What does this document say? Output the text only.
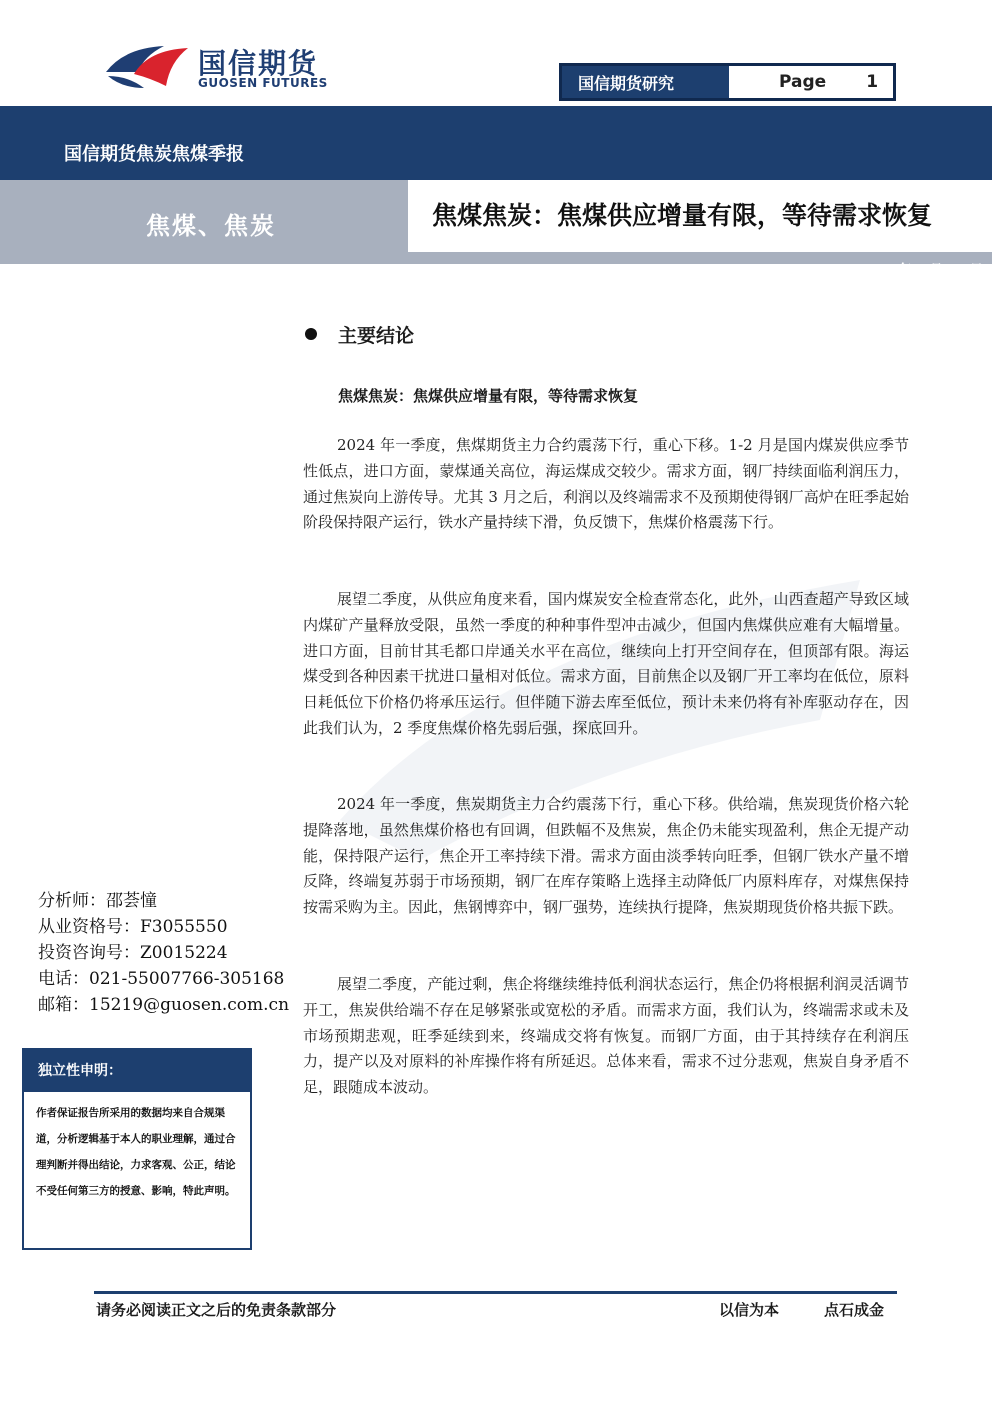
国信期货
GUOSEN FUTURES	国信期货研究	Page 1
国信期货焦炭焦煤季报
焦煤、焦炭	焦煤焦炭：焦煤供应增量有限，等待需求恢复
2023 年 3 月 24 日
主要结论
焦煤焦炭：焦煤供应增量有限，等待需求恢复
2024 年一季度，焦煤期货主力合约震荡下行，重心下移。1-2 月是国内煤炭供应季节性低点，进口方面，蒙煤通关高位，海运煤成交较少。需求方面，钢厂持续面临利润压力，通过焦炭向上游传导。尤其 3 月之后，利润以及终端需求不及预期使得钢厂高炉在旺季起始阶段保持限产运行，铁水产量持续下滑，负反馈下，焦煤价格震荡下行。
展望二季度，从供应角度来看，国内煤炭安全检查常态化，此外，山西查超产导致区域内煤矿产量释放受限，虽然一季度的种种事件型冲击减少，但国内焦煤供应难有大幅增量。进口方面，目前甘其毛都口岸通关水平在高位，继续向上打开空间存在，但顶部有限。海运煤受到各种因素干扰进口量相对低位。需求方面，目前焦企以及钢厂开工率均在低位，原料日耗低位下价格仍将承压运行。但伴随下游去库至低位，预计未来仍将有补库驱动存在，因此我们认为，2 季度焦煤价格先弱后强，探底回升。
2024 年一季度，焦炭期货主力合约震荡下行，重心下移。供给端，焦炭现货价格六轮提降落地，虽然焦煤价格也有回调，但跌幅不及焦炭，焦企仍未能实现盈利，焦企无提产动能，保持限产运行，焦企开工率持续下滑。需求方面由淡季转向旺季，但钢厂铁水产量不增反降，终端复苏弱于市场预期，钢厂在库存策略上选择主动降低厂内原料库存，对煤焦保持按需采购为主。因此，焦钢博弈中，钢厂强势，连续执行提降，焦炭期现货价格共振下跌。
展望二季度，产能过剩，焦企将继续维持低利润状态运行，焦企仍将根据利润灵活调节开工，焦炭供给端不存在足够紧张或宽松的矛盾。而需求方面，我们认为，终端需求或未及市场预期悲观，旺季延续到来，终端成交将有恢复。而钢厂方面，由于其持续存在利润压力，提产以及对原料的补库操作将有所延迟。总体来看，需求不过分悲观，焦炭自身矛盾不足，跟随成本波动。
分析师：邵荟憧
从业资格号：F3055550
投资咨询号：Z0015224
电话：021-55007766-305168
邮箱：15219@guosen.com.cn
独立性申明：
作者保证报告所采用的数据均来自合规渠道，分析逻辑基于本人的职业理解，通过合理判断并得出结论，力求客观、公正，结论不受任何第三方的授意、影响，特此声明。
请务必阅读正文之后的免责条款部分	以信为本	点石成金
